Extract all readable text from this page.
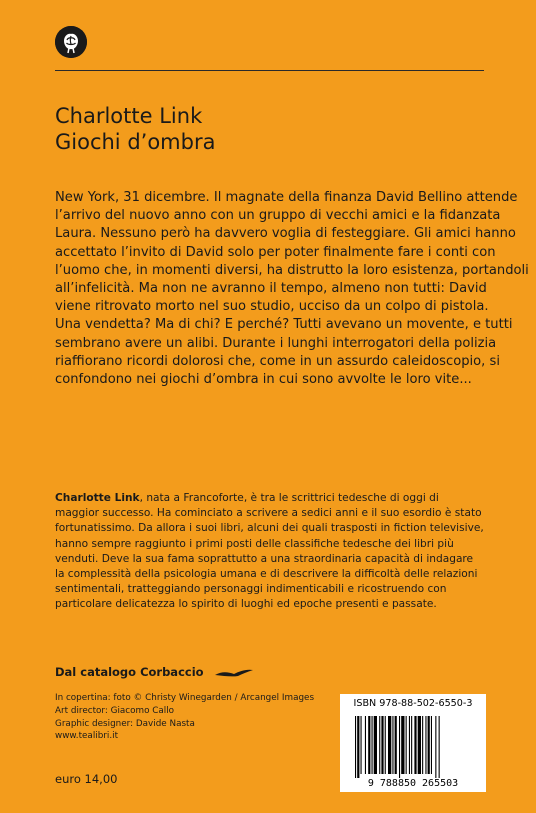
Charlotte Link
Giochi d’ombra
New York, 31 dicembre. Il magnate della finanza David Bellino attende
l’arrivo del nuovo anno con un gruppo di vecchi amici e la fidanzata
Laura. Nessuno però ha davvero voglia di festeggiare. Gli amici hanno
accettato l’invito di David solo per poter finalmente fare i conti con
l’uomo che, in momenti diversi, ha distrutto la loro esistenza, portandoli
all’infelicità. Ma non ne avranno il tempo, almeno non tutti: David
viene ritrovato morto nel suo studio, ucciso da un colpo di pistola.
Una vendetta? Ma di chi? E perché? Tutti avevano un movente, e tutti
sembrano avere un alibi. Durante i lunghi interrogatori della polizia
riaffiorano ricordi dolorosi che, come in un assurdo caleidoscopio, si
confondono nei giochi d’ombra in cui sono avvolte le loro vite...
Charlotte Link, nata a Francoforte, è tra le scrittrici tedesche di oggi di
maggior successo. Ha cominciato a scrivere a sedici anni e il suo esordio è stato
fortunatissimo. Da allora i suoi libri, alcuni dei quali trasposti in fiction televisive,
hanno sempre raggiunto i primi posti delle classifiche tedesche dei libri più
venduti. Deve la sua fama soprattutto a una straordinaria capacità di indagare
la complessità della psicologia umana e di descrivere la difficoltà delle relazioni
sentimentali, tratteggiando personaggi indimenticabili e ricostruendo con
particolare delicatezza lo spirito di luoghi ed epoche presenti e passate.
Dal catalogo Corbaccio
In copertina: foto © Christy Winegarden / Arcangel Images
Art director: Giacomo Callo
Graphic designer: Davide Nasta
www.tealibri.it
euro 14,00
ISBN 978-88-502-6550-3
9 788850 265503
